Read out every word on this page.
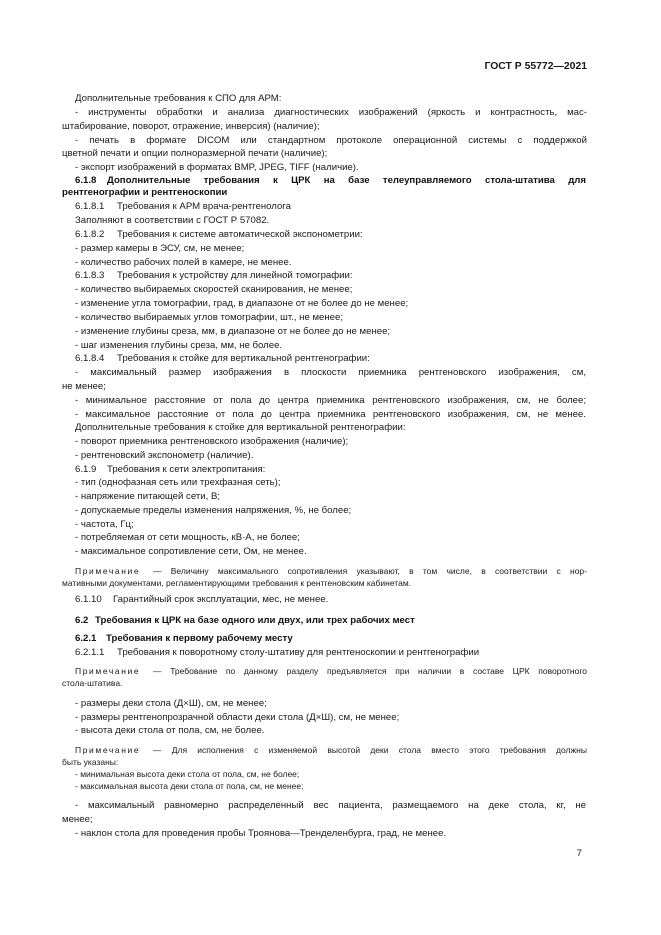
ГОСТ Р 55772—2021
Дополнительные требования к СПО для АРМ:
- инструменты обработки и анализа диагностических изображений (яркость и контрастность, мас-
штабирование, поворот, отражение, инверсия) (наличие);
- печать в формате DICOM или стандартном протоколе операционной системы с поддержкой
цветной печати и опции полноразмерной печати (наличие);
- экспорт изображений в форматах BMP, JPEG, TIFF (наличие).
6.1.8 Дополнительные требования к ЦРК на базе телеуправляемого стола-штатива для
рентгенографии и рентгеноскопии
6.1.8.1 Требования к АРМ врача-рентгенолога
Заполняют в соответствии с ГОСТ Р 57082.
6.1.8.2 Требования к системе автоматической экспонометрии:
- размер камеры в ЭСУ, см, не менее;
- количество рабочих полей в камере, не менее.
6.1.8.3 Требования к устройству для линейной томографии:
- количество выбираемых скоростей сканирования, не менее;
- изменение угла томографии, град, в диапазоне от не более до не менее;
- количество выбираемых углов томографии, шт., не менее;
- изменение глубины среза, мм, в диапазоне от не более до не менее;
- шаг изменения глубины среза, мм, не более.
6.1.8.4 Требования к стойке для вертикальной рентгенографии:
- максимальный размер изображения в плоскости приемника рентгеновского изображения, см,
не менее;
- минимальное расстояние от пола до центра приемника рентгеновского изображения, см, не более;
- максимальное расстояние от пола до центра приемника рентгеновского изображения, см, не менее.
Дополнительные требования к стойке для вертикальной рентгенографии:
- поворот приемника рентгеновского изображения (наличие);
- рентгеновский экспонометр (наличие).
6.1.9 Требования к сети электропитания:
- тип (однофазная сеть или трехфазная сеть);
- напряжение питающей сети, В;
- допускаемые пределы изменения напряжения, %, не более;
- частота, Гц;
- потребляемая от сети мощность, кВ·А, не более;
- максимальное сопротивление сети, Ом, не менее.
Примечание — Величину максимального сопротивления указывают, в том числе, в соответствии с нор-
мативными документами, регламентирующими требования к рентгеновским кабинетам.
6.1.10 Гарантийный срок эксплуатации, мес, не менее.
6.2 Требования к ЦРК на базе одного или двух, или трех рабочих мест
6.2.1 Требования к первому рабочему месту
6.2.1.1 Требования к поворотному столу-штативу для рентгеноскопии и рентгенографии
Примечание — Требование по данному разделу предъявляется при наличии в составе ЦРК поворотного
стола-штатива.
- размеры деки стола (Д×Ш), см, не менее;
- размеры рентгенопрозрачной области деки стола (Д×Ш), см, не менее;
- высота деки стола от пола, см, не более.
Примечание — Для исполнения с изменяемой высотой деки стола вместо этого требования должны
быть указаны:
- минимальная высота деки стола от пола, см, не более;
- максимальная высота деки стола от пола, см, не менее;
- максимальный равномерно распределенный вес пациента, размещаемого на деке стола, кг, не
менее;
- наклон стола для проведения пробы Троянова—Тренделенбурга, град, не менее.
7
